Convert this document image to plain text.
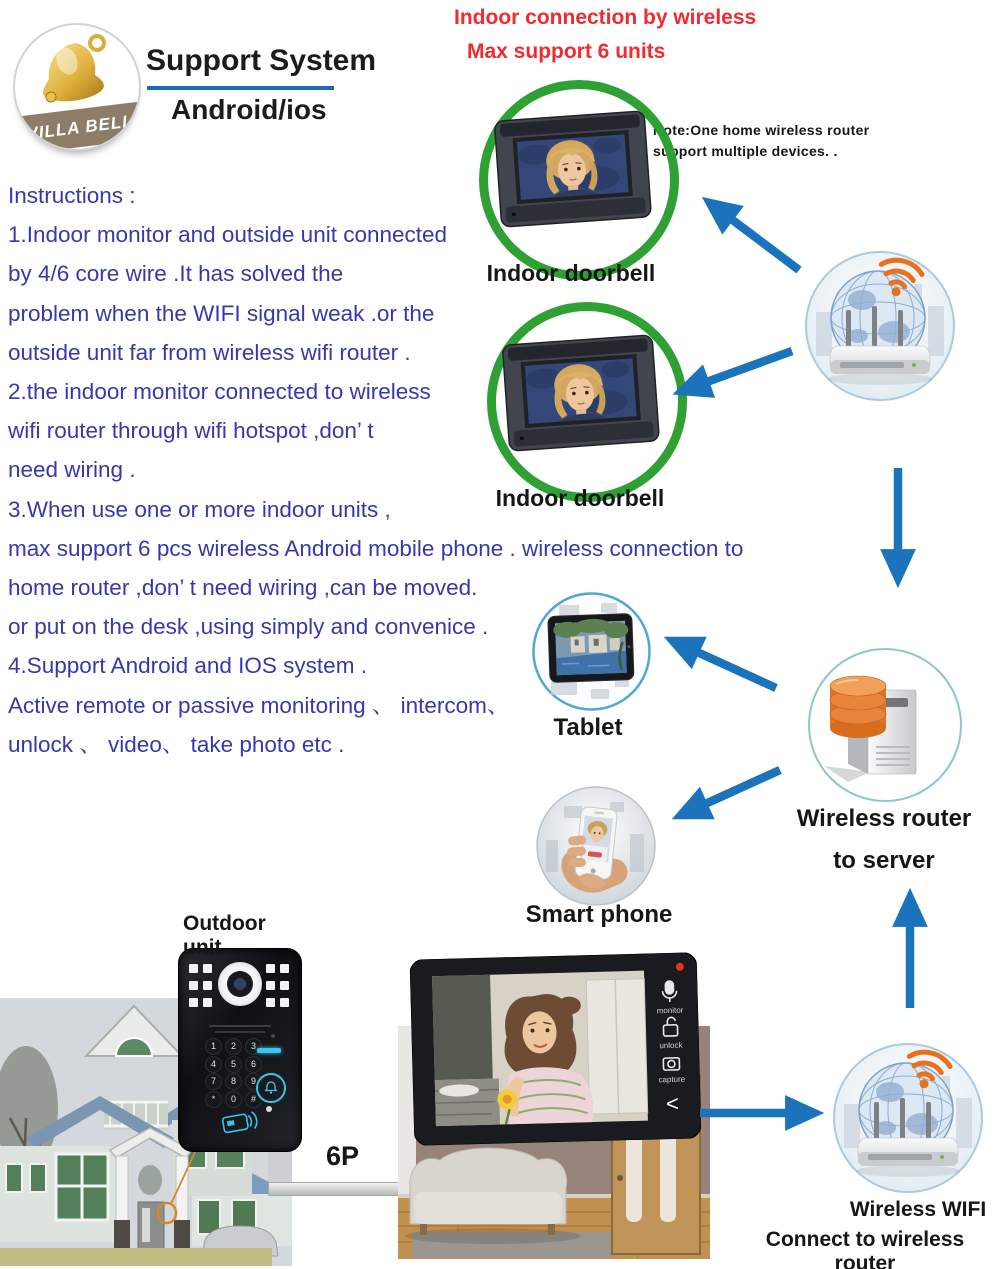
VILLA BELL
Support System
Android/ios
Indoor connection by wireless
Max support 6 units
Note:One home wireless router
support multiple devices. .
Instructions :
1.Indoor monitor and outside unit connected
by 4/6 core wire .It has solved the
problem when the WIFI signal weak .or the
outside unit far from wireless wifi router .
2.the indoor monitor connected to wireless
wifi router through wifi hotspot ,don’ t
need wiring .
3.When use one or more indoor units ,
max support 6 pcs wireless Android mobile phone . wireless connection to
home router ,don’ t need wiring ,can be moved.
or put on the desk ,using simply and convenice .
4.Support Android and IOS system .
Active remote or passive monitoring 、 intercom、
unlock 、 video、 take photo etc .
Indoor doorbell
Indoor doorbell
Wireless router
to server
Tablet
Smart phone
Outdoor unit
1	2	3
4	5	6
7	8	9
*	0	#
6P
monitor
unlock
capture
<
Wireless WIFI
Connect to wireless router
